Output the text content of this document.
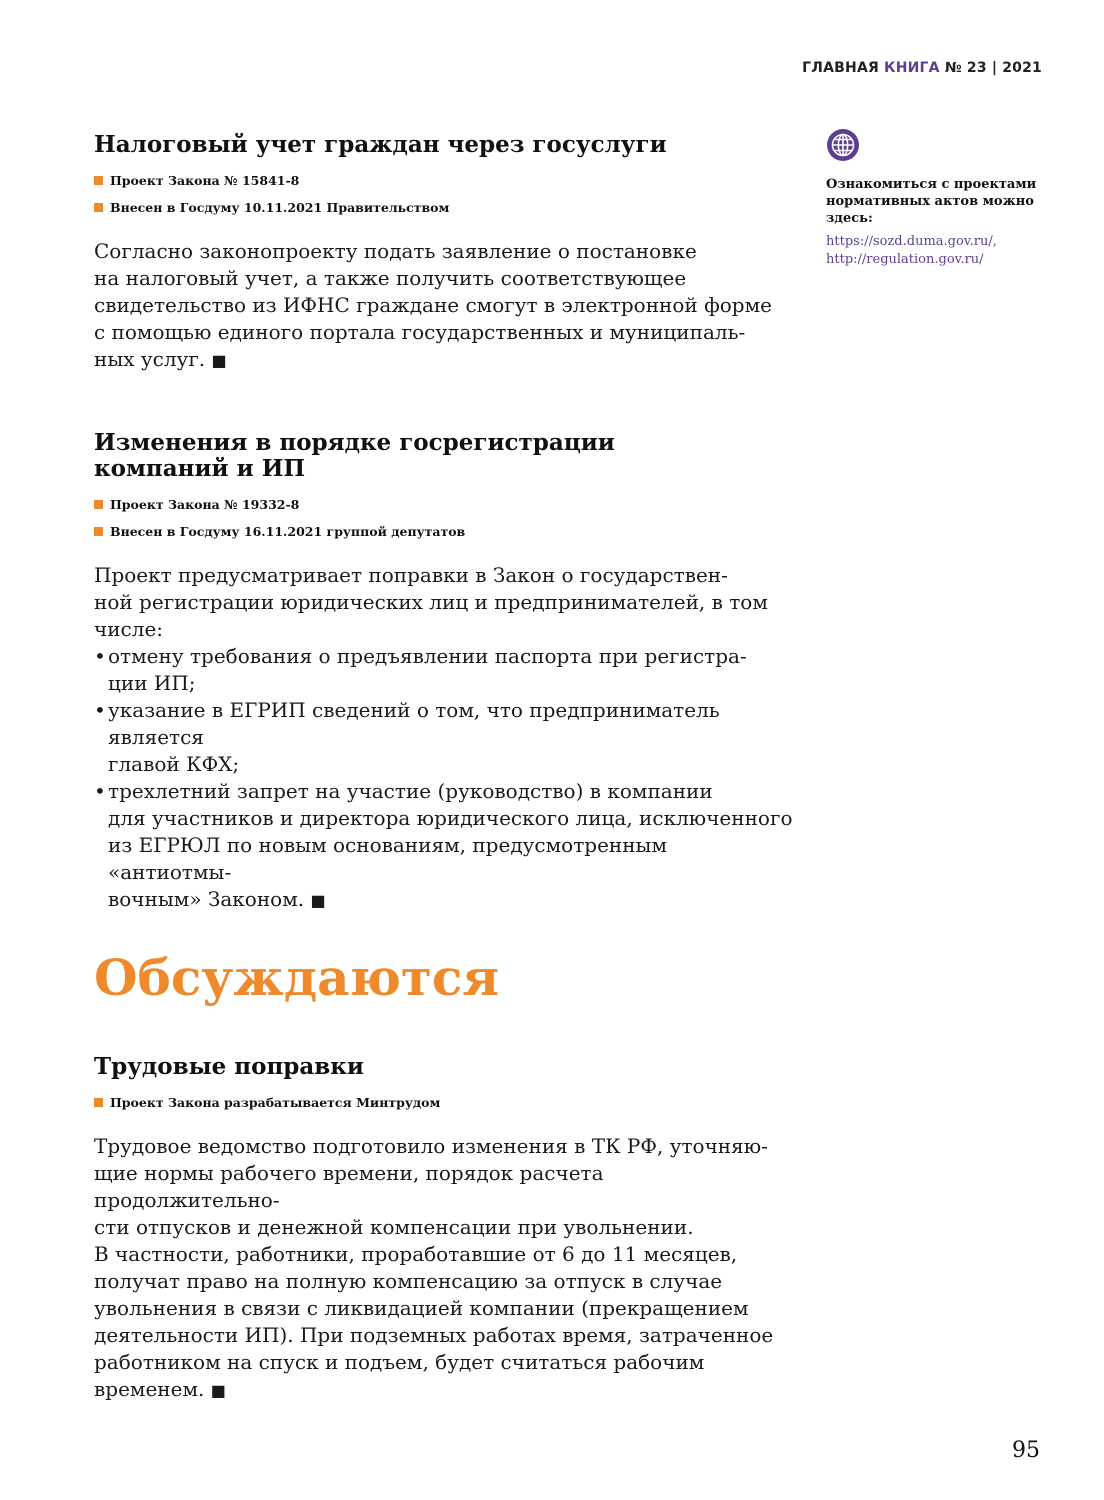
ГЛАВНАЯ КНИГА № 23 | 2021

Ознакомиться с проектами нормативных актов можно здесь:

https://sozd.duma.gov.ru/,
http://regulation.gov.ru/
Налоговый учет граждан через госуслуги

Проект Закона № 15841-8

Внесен в Госдуму 10.11.2021 Правительством

Согласно законопроекту подать заявление о постановке

на налоговый учет, а также получить соответствующее

свидетельство из ИФНС граждане смогут в электронной форме

с помощью единого портала государственных и муниципаль-

ных услуг. ■

Изменения в порядке госрегистрации
компаний и ИП

Проект Закона № 19332-8

Внесен в Госдуму 16.11.2021 группой депутатов

Проект предусматривает поправки в Закон о государствен-

ной регистрации юридических лиц и предпринимателей, в том

числе:

• отмену требования о предъявлении паспорта при регистра-
ции ИП;
• указание в ЕГРИП сведений о том, что предприниматель является
главой КФХ;
• трехлетний запрет на участие (руководство) в компании
для участников и директора юридического лица, исключенного
из ЕГРЮЛ по новым основаниям, предусмотренным «антиотмы-
вочным» Законом. ■
Обсуждаются
Трудовые поправки

Проект Закона разрабатывается Минтрудом

Трудовое ведомство подготовило изменения в ТК РФ, уточняю-

щие нормы рабочего времени, порядок расчета продолжительно-

сти отпусков и денежной компенсации при увольнении.

В частности, работники, проработавшие от 6 до 11 месяцев,

получат право на полную компенсацию за отпуск в случае

увольнения в связи с ликвидацией компании (прекращением

деятельности ИП). При подземных работах время, затраченное

работником на спуск и подъем, будет считаться рабочим

временем. ■

95
